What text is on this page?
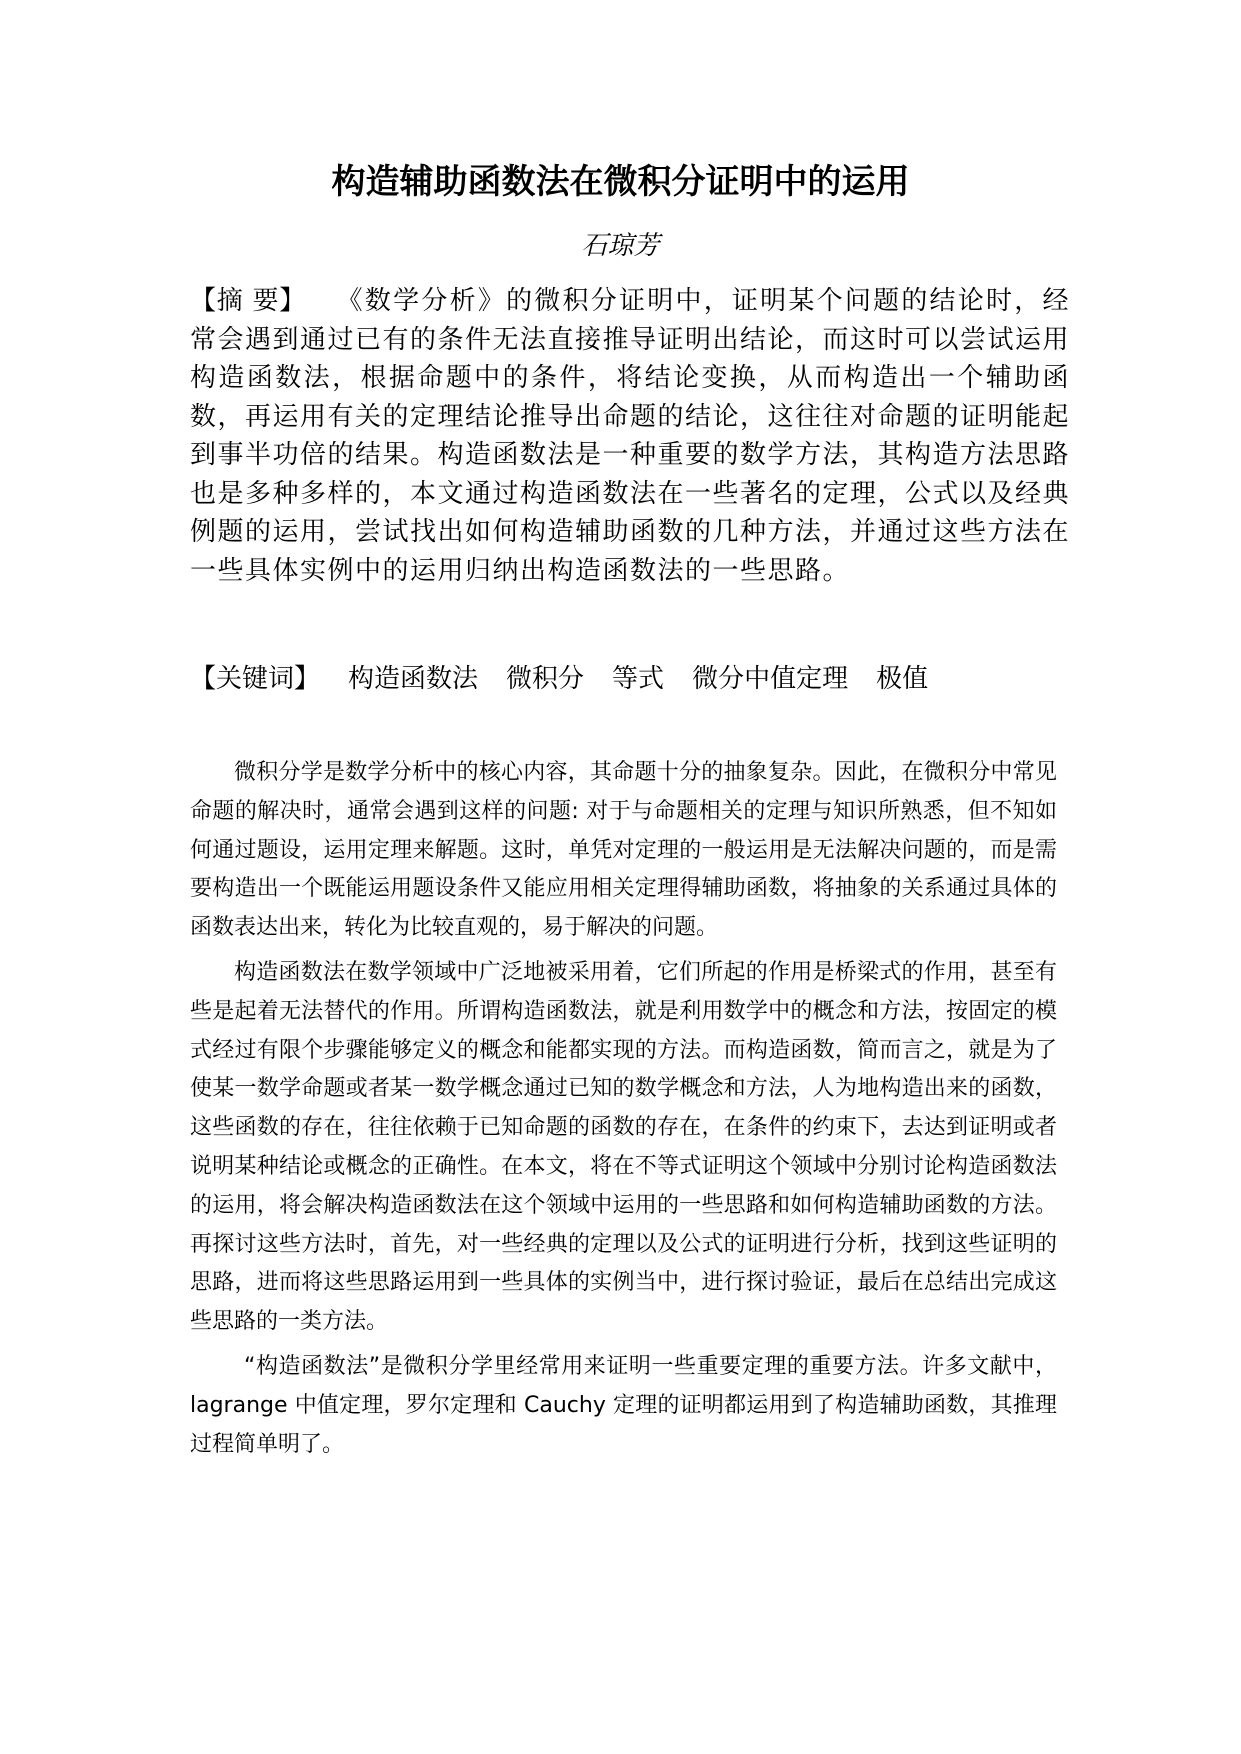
构造辅助函数法在微积分证明中的运用
石琼芳

【摘 要】 《数学分析》的微积分证明中，证明某个问题的结论时，经常会遇到通过已有的条件无法直接推导证明出结论，而这时可以尝试运用构造函数法，根据命题中的条件，将结论变换，从而构造出一个辅助函数，再运用有关的定理结论推导出命题的结论，这往往对命题的证明能起到事半功倍的结果。构造函数法是一种重要的数学方法，其构造方法思路也是多种多样的，本文通过构造函数法在一些著名的定理，公式以及经典例题的运用，尝试找出如何构造辅助函数的几种方法，并通过这些方法在一些具体实例中的运用归纳出构造函数法的一些思路。

【关键词】 构造函数法 微积分 等式 微分中值定理 极值

微积分学是数学分析中的核心内容，其命题十分的抽象复杂。因此，在微积分中常见命题的解决时，通常会遇到这样的问题: 对于与命题相关的定理与知识所熟悉，但不知如何通过题设，运用定理来解题。这时，单凭对定理的一般运用是无法解决问题的，而是需要构造出一个既能运用题设条件又能应用相关定理得辅助函数，将抽象的关系通过具体的函数表达出来，转化为比较直观的，易于解决的问题。

构造函数法在数学领域中广泛地被采用着，它们所起的作用是桥梁式的作用，甚至有些是起着无法替代的作用。所谓构造函数法，就是利用数学中的概念和方法，按固定的模式经过有限个步骤能够定义的概念和能都实现的方法。而构造函数，简而言之，就是为了使某一数学命题或者某一数学概念通过已知的数学概念和方法，人为地构造出来的函数，这些函数的存在，往往依赖于已知命题的函数的存在，在条件的约束下，去达到证明或者说明某种结论或概念的正确性。在本文，将在不等式证明这个领域中分别讨论构造函数法的运用，将会解决构造函数法在这个领域中运用的一些思路和如何构造辅助函数的方法。再探讨这些方法时，首先，对一些经典的定理以及公式的证明进行分析，找到这些证明的思路，进而将这些思路运用到一些具体的实例当中，进行探讨验证，最后在总结出完成这些思路的一类方法。

“构造函数法”是微积分学里经常用来证明一些重要定理的重要方法。许多文献中，lagrange 中值定理，罗尔定理和 Cauchy 定理的证明都运用到了构造辅助函数，其推理过程简单明了。
